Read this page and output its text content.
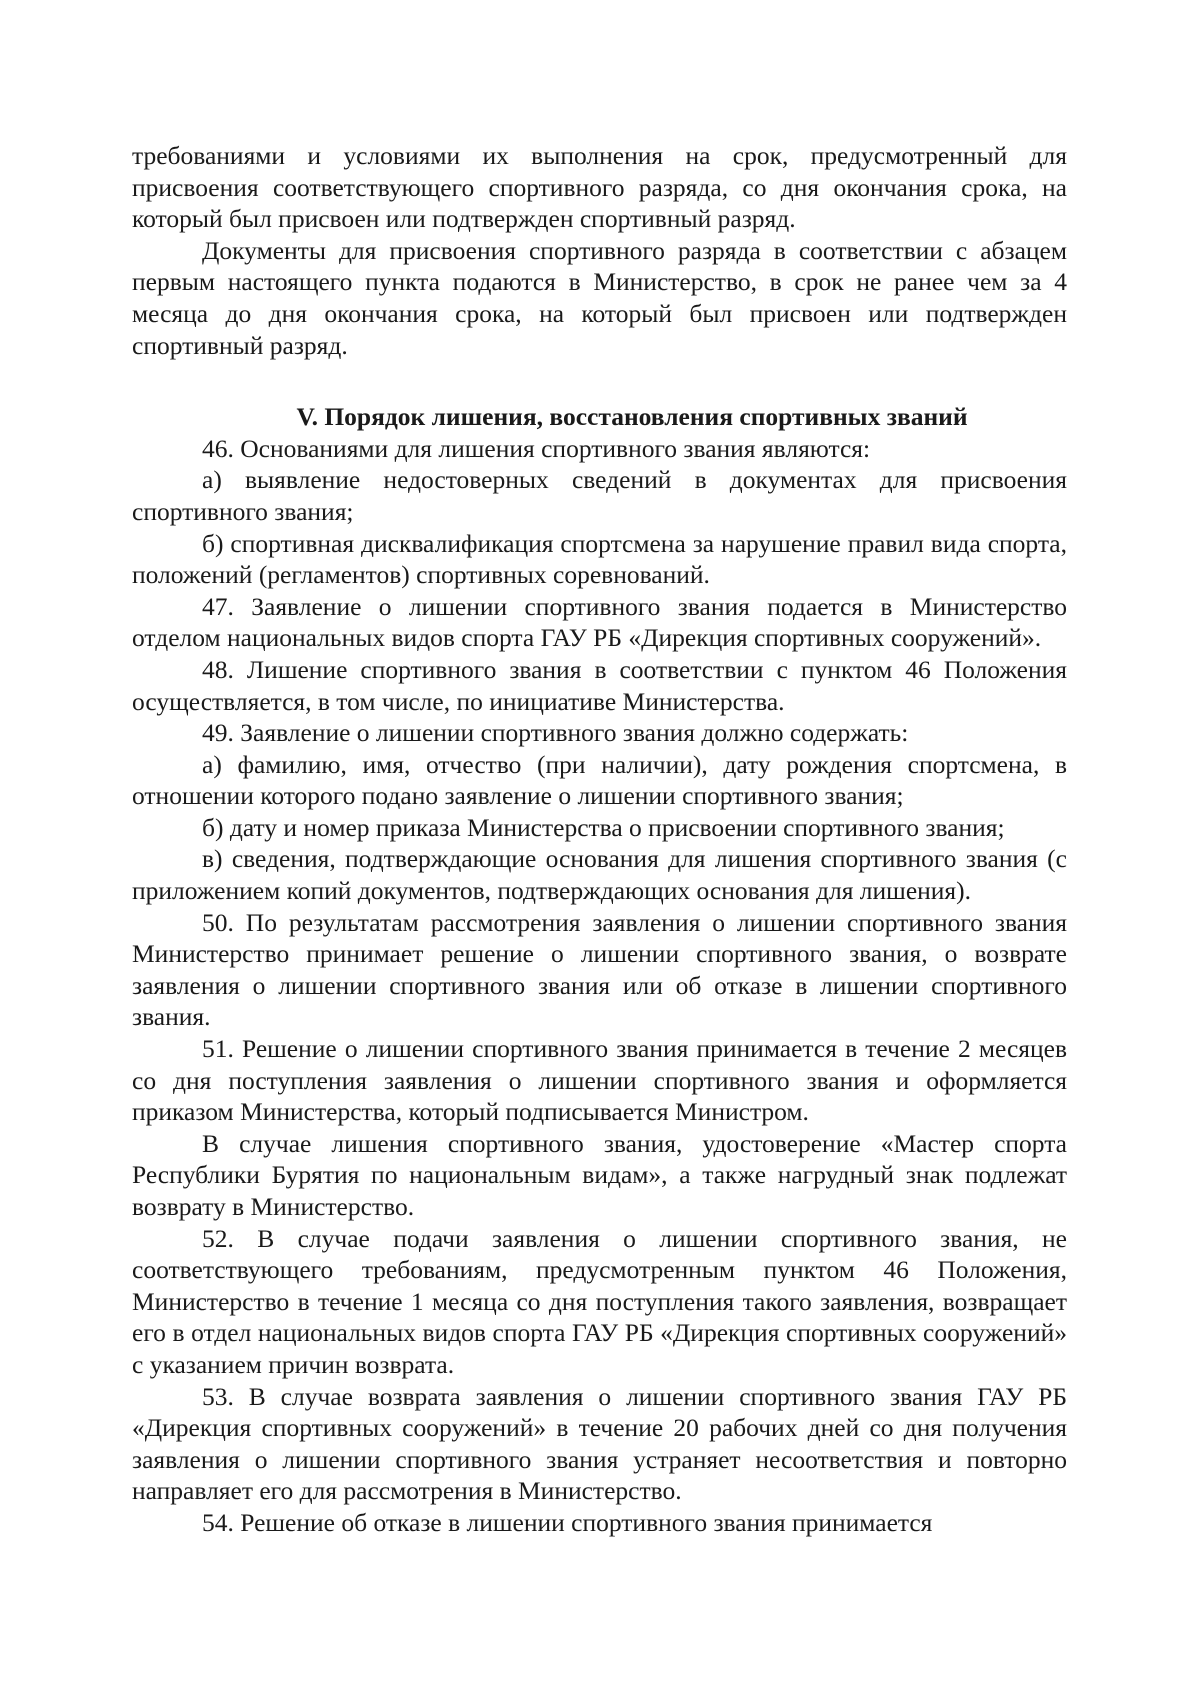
требованиями и условиями их выполнения на срок, предусмотренный для присвоения соответствующего спортивного разряда, со дня окончания срока, на который был присвоен или подтвержден спортивный разряд.

Документы для присвоения спортивного разряда в соответствии с абзацем первым настоящего пункта подаются в Министерство, в срок не ранее чем за 4 месяца до дня окончания срока, на который был присвоен или подтвержден спортивный разряд.

V. Порядок лишения, восстановления спортивных званий

46. Основаниями для лишения спортивного звания являются:

а) выявление недостоверных сведений в документах для присвоения спортивного звания;

б) спортивная дисквалификация спортсмена за нарушение правил вида спорта, положений (регламентов) спортивных соревнований.

47. Заявление о лишении спортивного звания подается в Министерство отделом национальных видов спорта ГАУ РБ «Дирекция спортивных сооружений».

48. Лишение спортивного звания в соответствии с пунктом 46 Положения осуществляется, в том числе, по инициативе Министерства.

49. Заявление о лишении спортивного звания должно содержать:

а) фамилию, имя, отчество (при наличии), дату рождения спортсмена, в отношении которого подано заявление о лишении спортивного звания;

б) дату и номер приказа Министерства о присвоении спортивного звания;

в) сведения, подтверждающие основания для лишения спортивного звания (с приложением копий документов, подтверждающих основания для лишения).

50. По результатам рассмотрения заявления о лишении спортивного звания Министерство принимает решение о лишении спортивного звания, о возврате заявления о лишении спортивного звания или об отказе в лишении спортивного звания.

51. Решение о лишении спортивного звания принимается в течение 2 месяцев со дня поступления заявления о лишении спортивного звания и оформляется приказом Министерства, который подписывается Министром.

В случае лишения спортивного звания, удостоверение «Мастер спорта Республики Бурятия по национальным видам», а также нагрудный знак подлежат возврату в Министерство.

52. В случае подачи заявления о лишении спортивного звания, не соответствующего требованиям, предусмотренным пунктом 46 Положения, Министерство в течение 1 месяца со дня поступления такого заявления, возвращает его в отдел национальных видов спорта ГАУ РБ «Дирекция спортивных сооружений» с указанием причин возврата.

53. В случае возврата заявления о лишении спортивного звания ГАУ РБ «Дирекция спортивных сооружений» в течение 20 рабочих дней со дня получения заявления о лишении спортивного звания устраняет несоответствия и повторно направляет его для рассмотрения в Министерство.

54. Решение об отказе в лишении спортивного звания принимается
